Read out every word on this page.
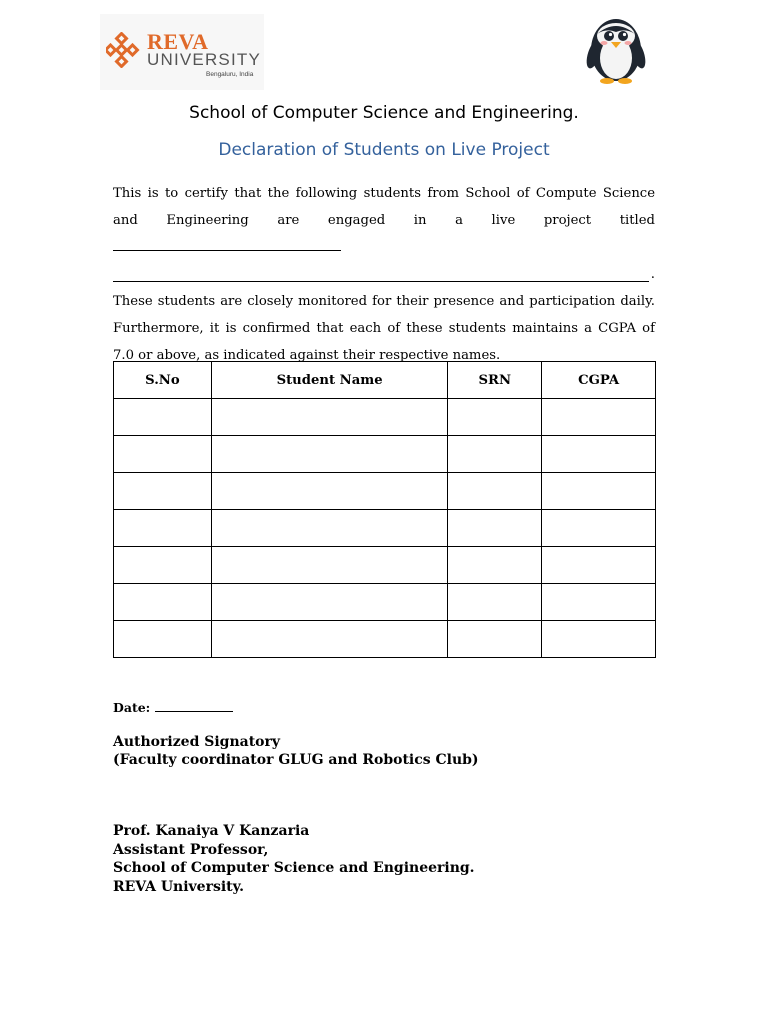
REVA
UNIVERSITY
Bengaluru, India
School of Computer Science and Engineering.
Declaration of Students on Live Project

This is to certify that the following students from School of Compute Science and Engineering are engaged in a live project titled

.

These students are closely monitored for their presence and participation daily. Furthermore, it is confirmed that each of these students maintains a CGPA of 7.0 or above, as indicated against their respective names.

S.No	Student Name	SRN	CGPA

Date:
Authorized Signatory
(Faculty coordinator GLUG and Robotics Club)
Prof. Kanaiya V Kanzaria
Assistant Professor,
School of Computer Science and Engineering.
REVA University.
